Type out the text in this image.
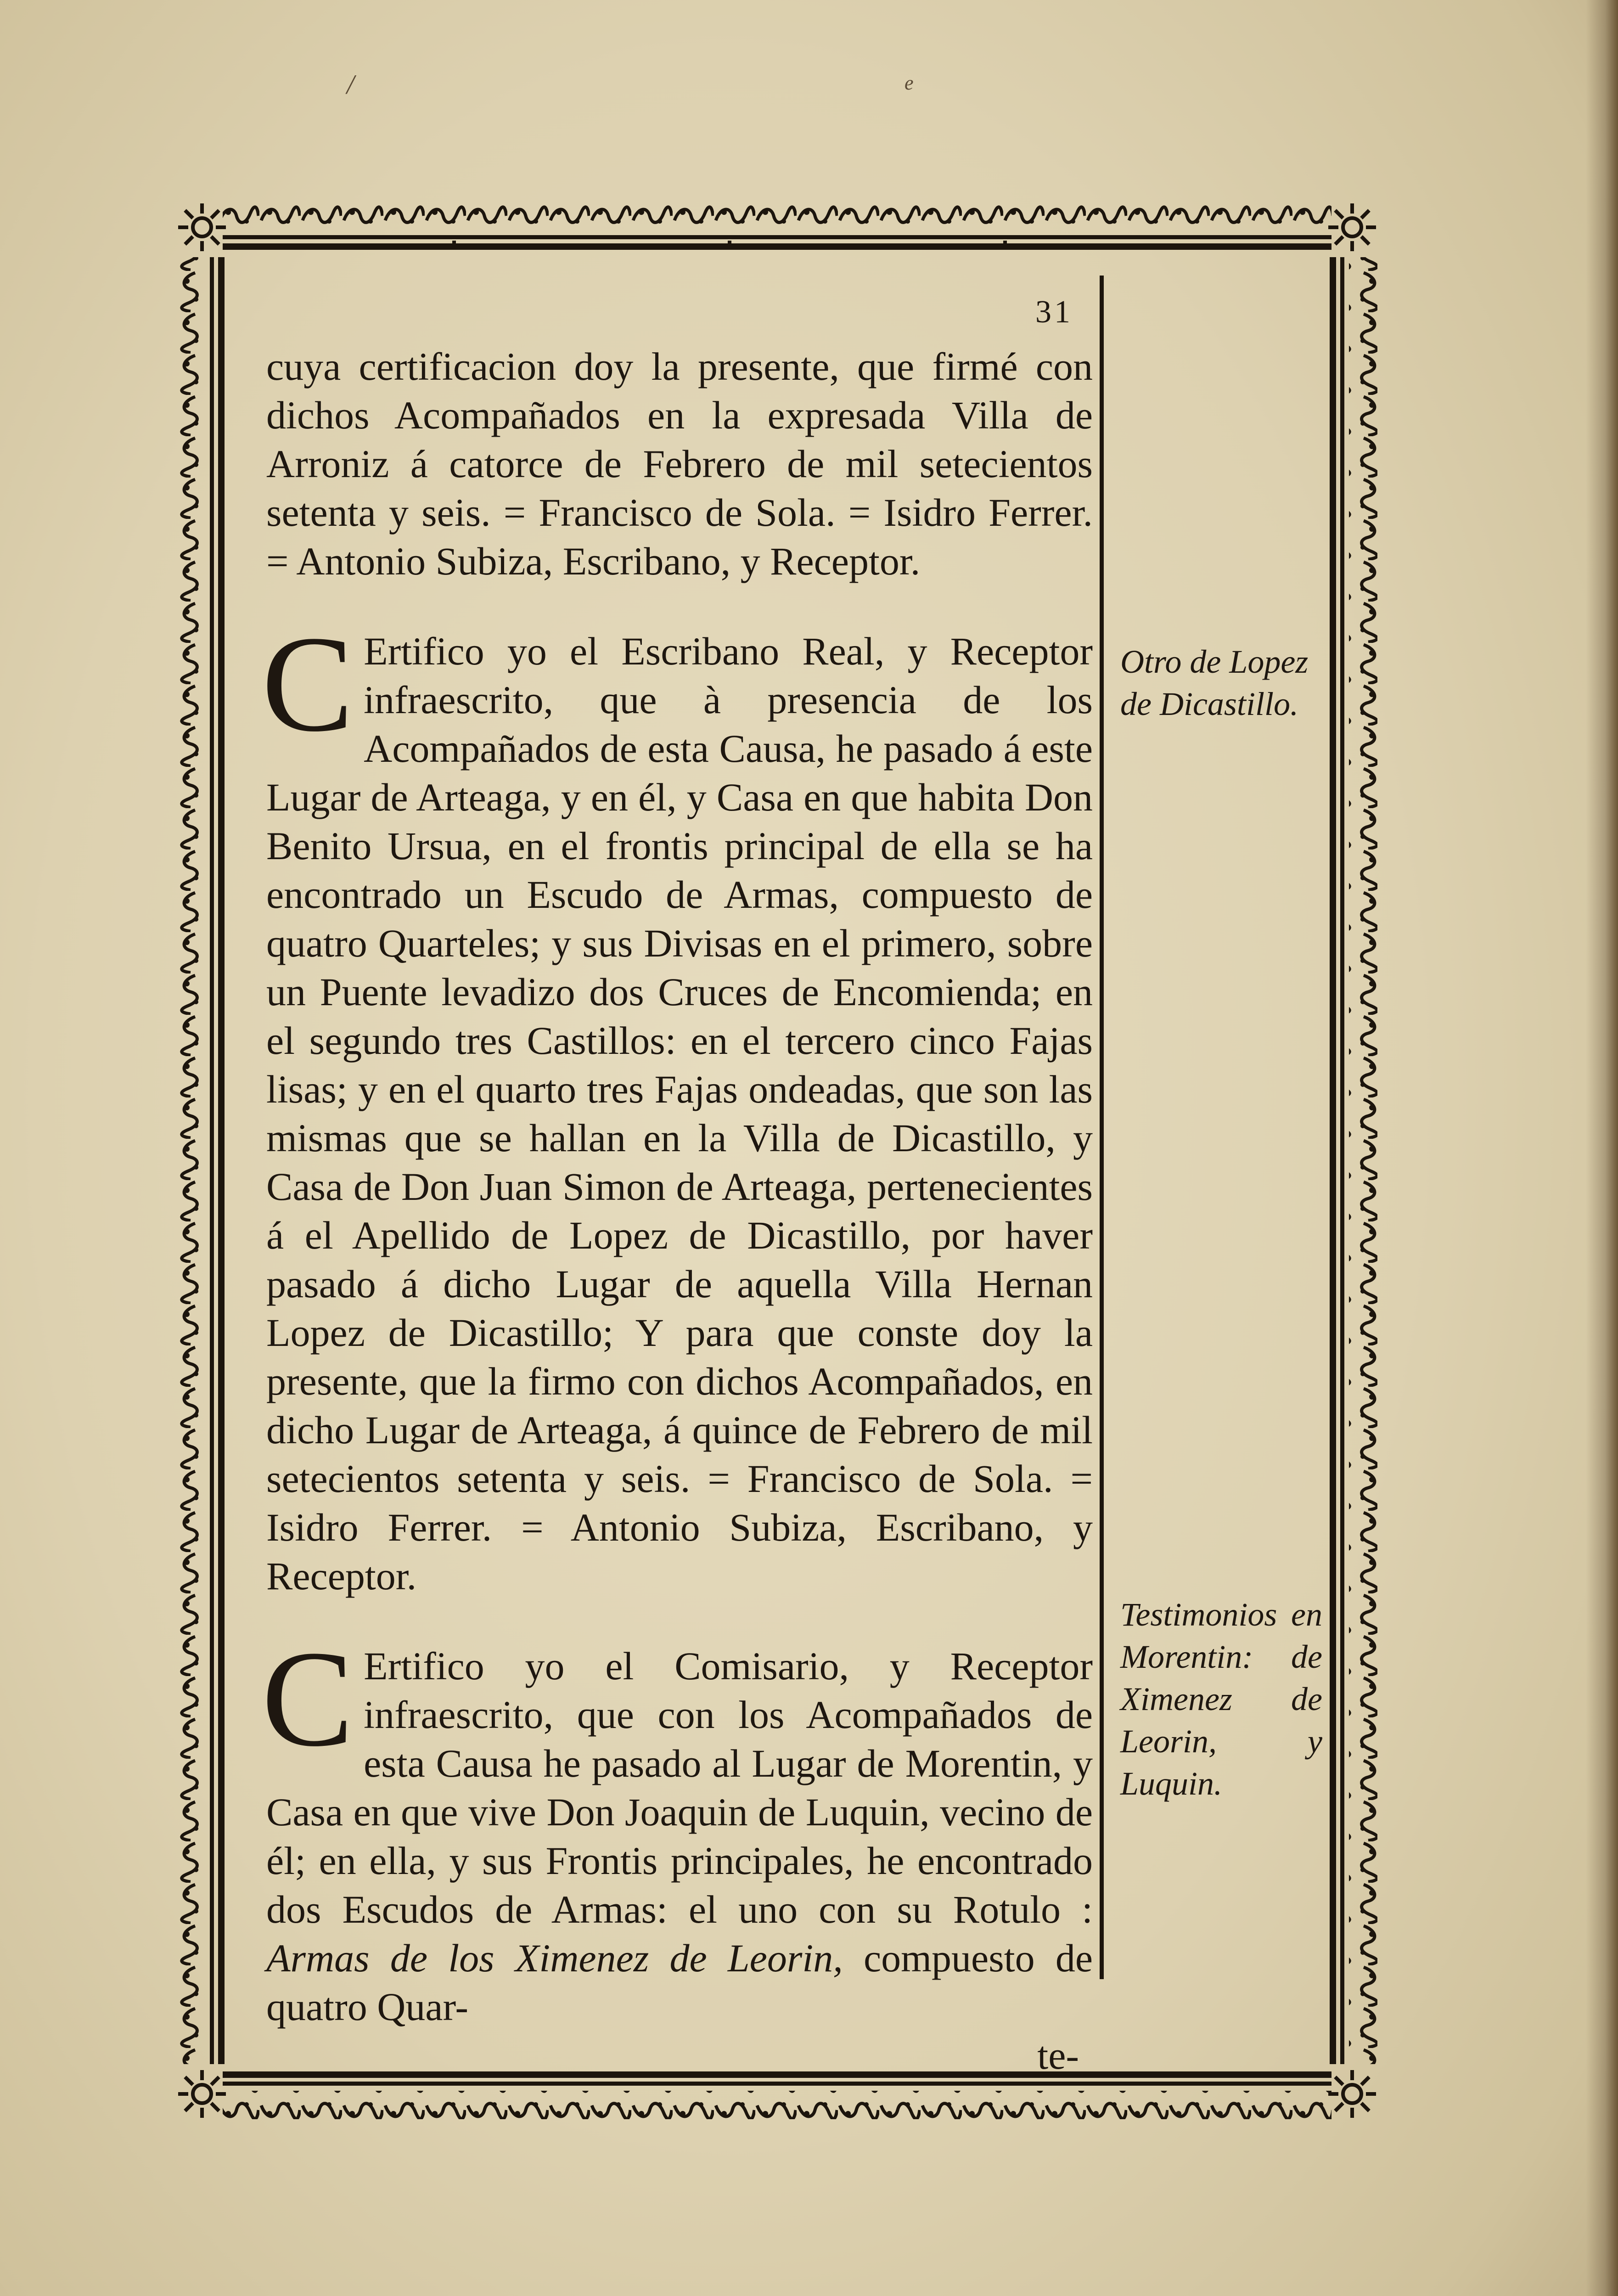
/	e
31

cuya certificacion doy la presente, que firmé con dichos Acompañados en la expresada Villa de Arroniz á catorce de Febrero de mil setecientos setenta y seis. = Francisco de Sola. = Isidro Ferrer. = Antonio Subiza, Escribano, y Receptor.

C Ertifico yo el Escribano Real, y Receptor infraescrito, que à presencia de los Acompañados de esta Causa, he pasado á este Lugar de Arteaga, y en él, y Casa en que habita Don Benito Ursua, en el frontis principal de ella se ha encontrado un Escudo de Armas, compuesto de quatro Quarteles; y sus Divisas en el primero, sobre un Puente levadizo dos Cruces de Encomienda; en el segundo tres Castillos: en el tercero cinco Fajas lisas; y en el quarto tres Fajas ondeadas, que son las mismas que se hallan en la Villa de Dicastillo, y Casa de Don Juan Simon de Arteaga, pertenecientes á el Apellido de Lopez de Dicastillo, por haver pasado á dicho Lugar de aquella Villa Hernan Lopez de Dicastillo; Y para que conste doy la presente, que la firmo con dichos Acompañados, en dicho Lugar de Arteaga, á quince de Febrero de mil setecientos setenta y seis. = Francisco de Sola. = Isidro Ferrer. = Antonio Subiza, Escribano, y Receptor.

C Ertifico yo el Comisario, y Receptor infraescrito, que con los Acompañados de esta Causa he pasado al Lugar de Morentin, y Casa en que vive Don Joaquin de Luquin, vecino de él; en ella, y sus Frontis principales, he encontrado dos Escudos de Armas: el uno con su Rotulo : Armas de los Ximenez de Leorin, compuesto de quatro Quar-
te-

Otro de Lopez de Dicastillo.
Testimonios en Morentin: de Ximenez de Leorin, y Luquin.
